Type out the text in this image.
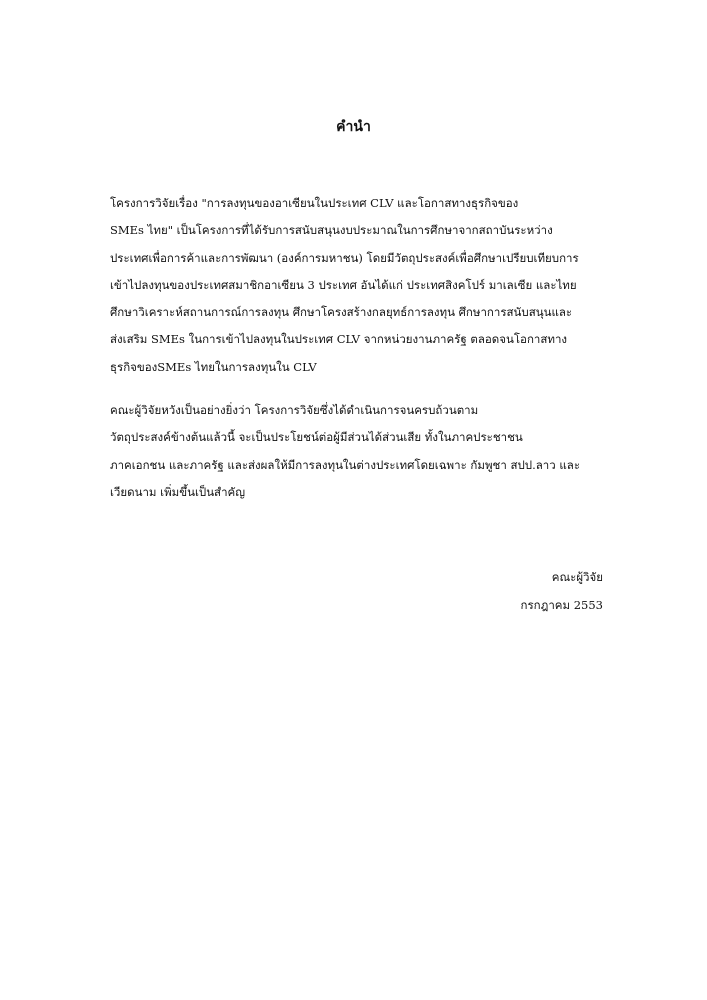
คำนำ
โครงการวิจัยเรื่อง "การลงทุนของอาเซียนในประเทศ CLV และโอกาสทางธุรกิจของ
SMEs ไทย" เป็นโครงการที่ได้รับการสนับสนุนงบประมาณในการศึกษาจากสถาบันระหว่าง
ประเทศเพื่อการค้าและการพัฒนา (องค์การมหาชน) โดยมีวัตถุประสงค์เพื่อศึกษาเปรียบเทียบการ
เข้าไปลงทุนของประเทศสมาชิกอาเซียน 3 ประเทศ อันได้แก่ ประเทศสิงคโปร์ มาเลเซีย และไทย
ศึกษาวิเคราะห์สถานการณ์การลงทุน ศึกษาโครงสร้างกลยุทธ์การลงทุน ศึกษาการสนับสนุนและ
ส่งเสริม SMEs ในการเข้าไปลงทุนในประเทศ CLV จากหน่วยงานภาครัฐ ตลอดจนโอกาสทาง
ธุรกิจของSMEs ไทยในการลงทุนใน CLV
คณะผู้วิจัยหวังเป็นอย่างยิ่งว่า โครงการวิจัยซึ่งได้ดำเนินการจนครบถ้วนตาม
วัตถุประสงค์ข้างต้นแล้วนี้ จะเป็นประโยชน์ต่อผู้มีส่วนได้ส่วนเสีย ทั้งในภาคประชาชน
ภาคเอกชน และภาครัฐ และส่งผลให้มีการลงทุนในต่างประเทศโดยเฉพาะ กัมพูชา สปป.ลาว และ
เวียดนาม เพิ่มขึ้นเป็นสำคัญ
คณะผู้วิจัย
กรกฎาคม 2553
